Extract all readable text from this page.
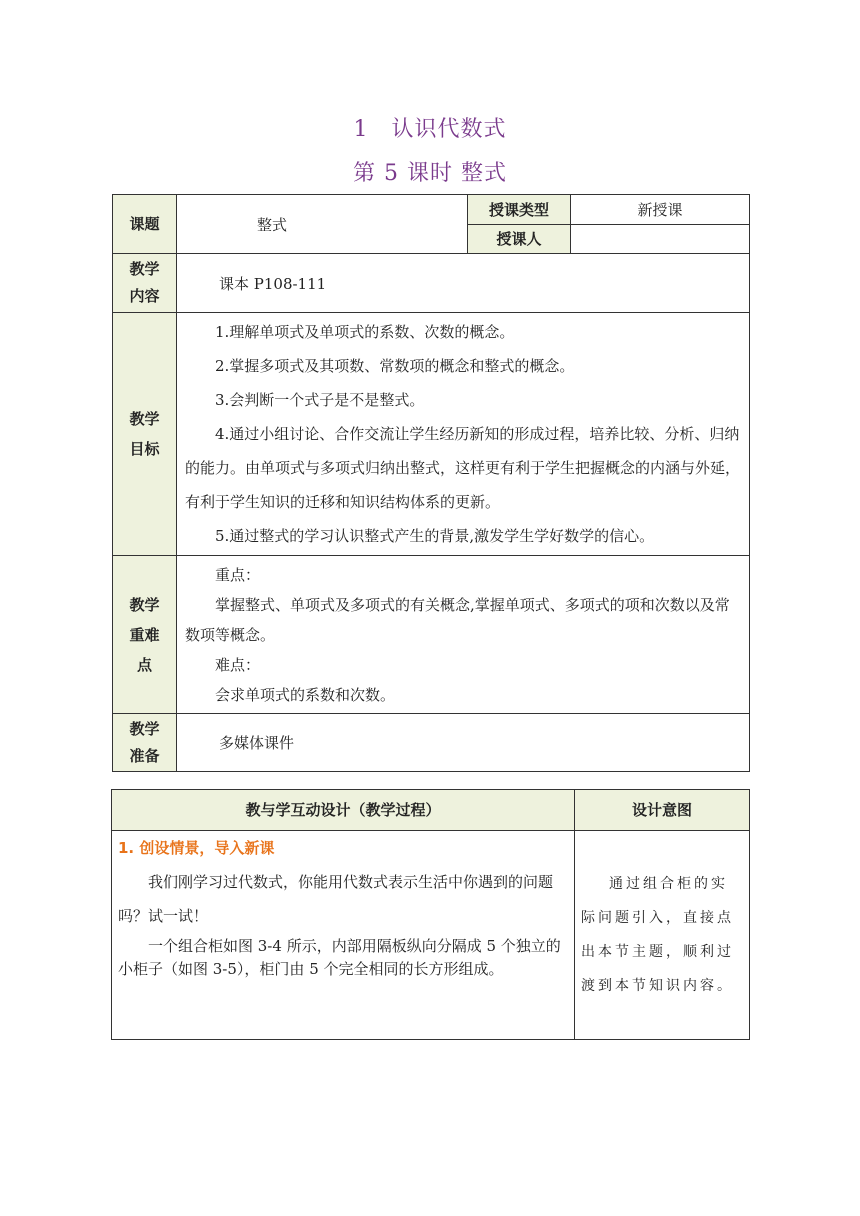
1　认识代数式
第 5 课时 整式
课题	整式	授课类型	新授课
		授课人	

教学内容	课本 P108-111		

教学目标	1.理解单项式及单项式的系数、次数的概念。

2.掌握多项式及其项数、常数项的概念和整式的概念。

3.会判断一个式子是不是整式。

4.通过小组讨论、合作交流让学生经历新知的形成过程，培养比较、分析、归纳的能力。由单项式与多项式归纳出整式，这样更有利于学生把握概念的内涵与外延，有利于学生知识的迁移和知识结构体系的更新。

5.通过整式的学习认识整式产生的背景,激发学生学好数学的信心。		

教学重难点	重点：

掌握整式、单项式及多项式的有关概念,掌握单项式、多项式的项和次数以及常数项等概念。

难点：

会求单项式的系数和次数。		

教学准备	多媒体课件		
教与学互动设计（教学过程）	设计意图

1. 创设情景，导入新课

我们刚学习过代数式，你能用代数式表示生活中你遇到的问题吗？试一试！

一个组合柜如图 3-4 所示，内部用隔板纵向分隔成 5 个独立的小柜子（如图 3-5），柜门由 5 个完全相同的长方形组成。	通过组合柜的实际问题引入，直接点出本节主题，顺利过渡到本节知识内容。
